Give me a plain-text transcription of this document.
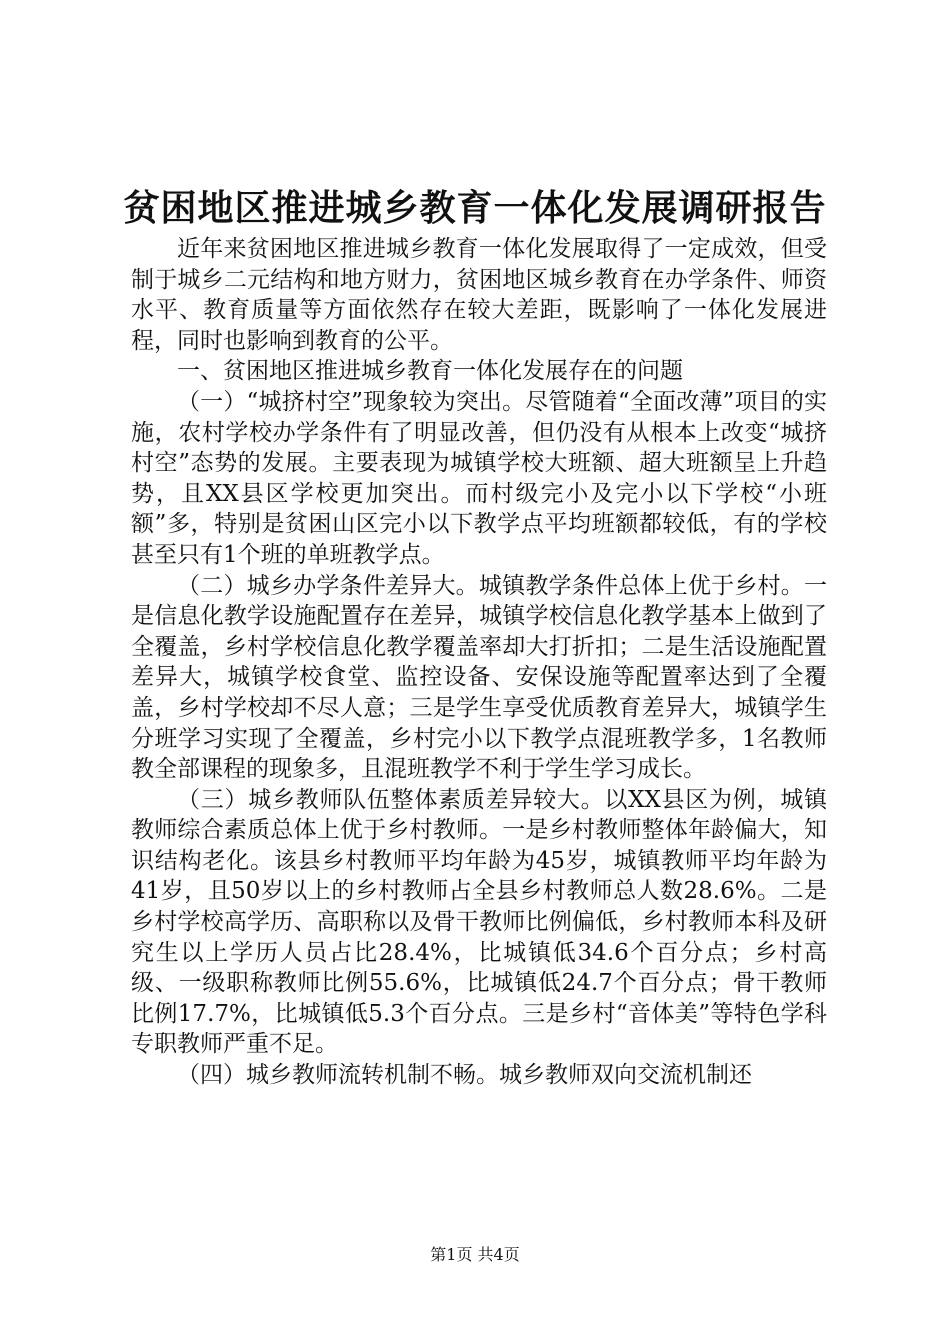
贫困地区推进城乡教育一体化发展调研报告

近年来贫困地区推进城乡教育一体化发展取得了一定成效，但受制于城乡二元结构和地方财力，贫困地区城乡教育在办学条件、师资水平、教育质量等方面依然存在较大差距，既影响了一体化发展进程，同时也影响到教育的公平。

一、贫困地区推进城乡教育一体化发展存在的问题

（一）“城挤村空”现象较为突出。尽管随着“全面改薄”项目的实施，农村学校办学条件有了明显改善，但仍没有从根本上改变“城挤村空”态势的发展。主要表现为城镇学校大班额、超大班额呈上升趋势，且XX县区学校更加突出。而村级完小及完小以下学校“小班额”多，特别是贫困山区完小以下教学点平均班额都较低，有的学校甚至只有1个班的单班教学点。

（二）城乡办学条件差异大。城镇教学条件总体上优于乡村。一是信息化教学设施配置存在差异，城镇学校信息化教学基本上做到了全覆盖，乡村学校信息化教学覆盖率却大打折扣；二是生活设施配置差异大，城镇学校食堂、监控设备、安保设施等配置率达到了全覆盖，乡村学校却不尽人意；三是学生享受优质教育差异大，城镇学生分班学习实现了全覆盖，乡村完小以下教学点混班教学多，1名教师教全部课程的现象多，且混班教学不利于学生学习成长。

（三）城乡教师队伍整体素质差异较大。以XX县区为例，城镇教师综合素质总体上优于乡村教师。一是乡村教师整体年龄偏大，知识结构老化。该县乡村教师平均年龄为45岁，城镇教师平均年龄为41岁，且50岁以上的乡村教师占全县乡村教师总人数28.6%。二是乡村学校高学历、高职称以及骨干教师比例偏低，乡村教师本科及研究生以上学历人员占比28.4%，比城镇低34.6个百分点；乡村高级、一级职称教师比例55.6%，比城镇低24.7个百分点；骨干教师比例17.7%，比城镇低5.3个百分点。三是乡村“音体美”等特色学科专职教师严重不足。

（四）城乡教师流转机制不畅。城乡教师双向交流机制还

第1页 共4页
